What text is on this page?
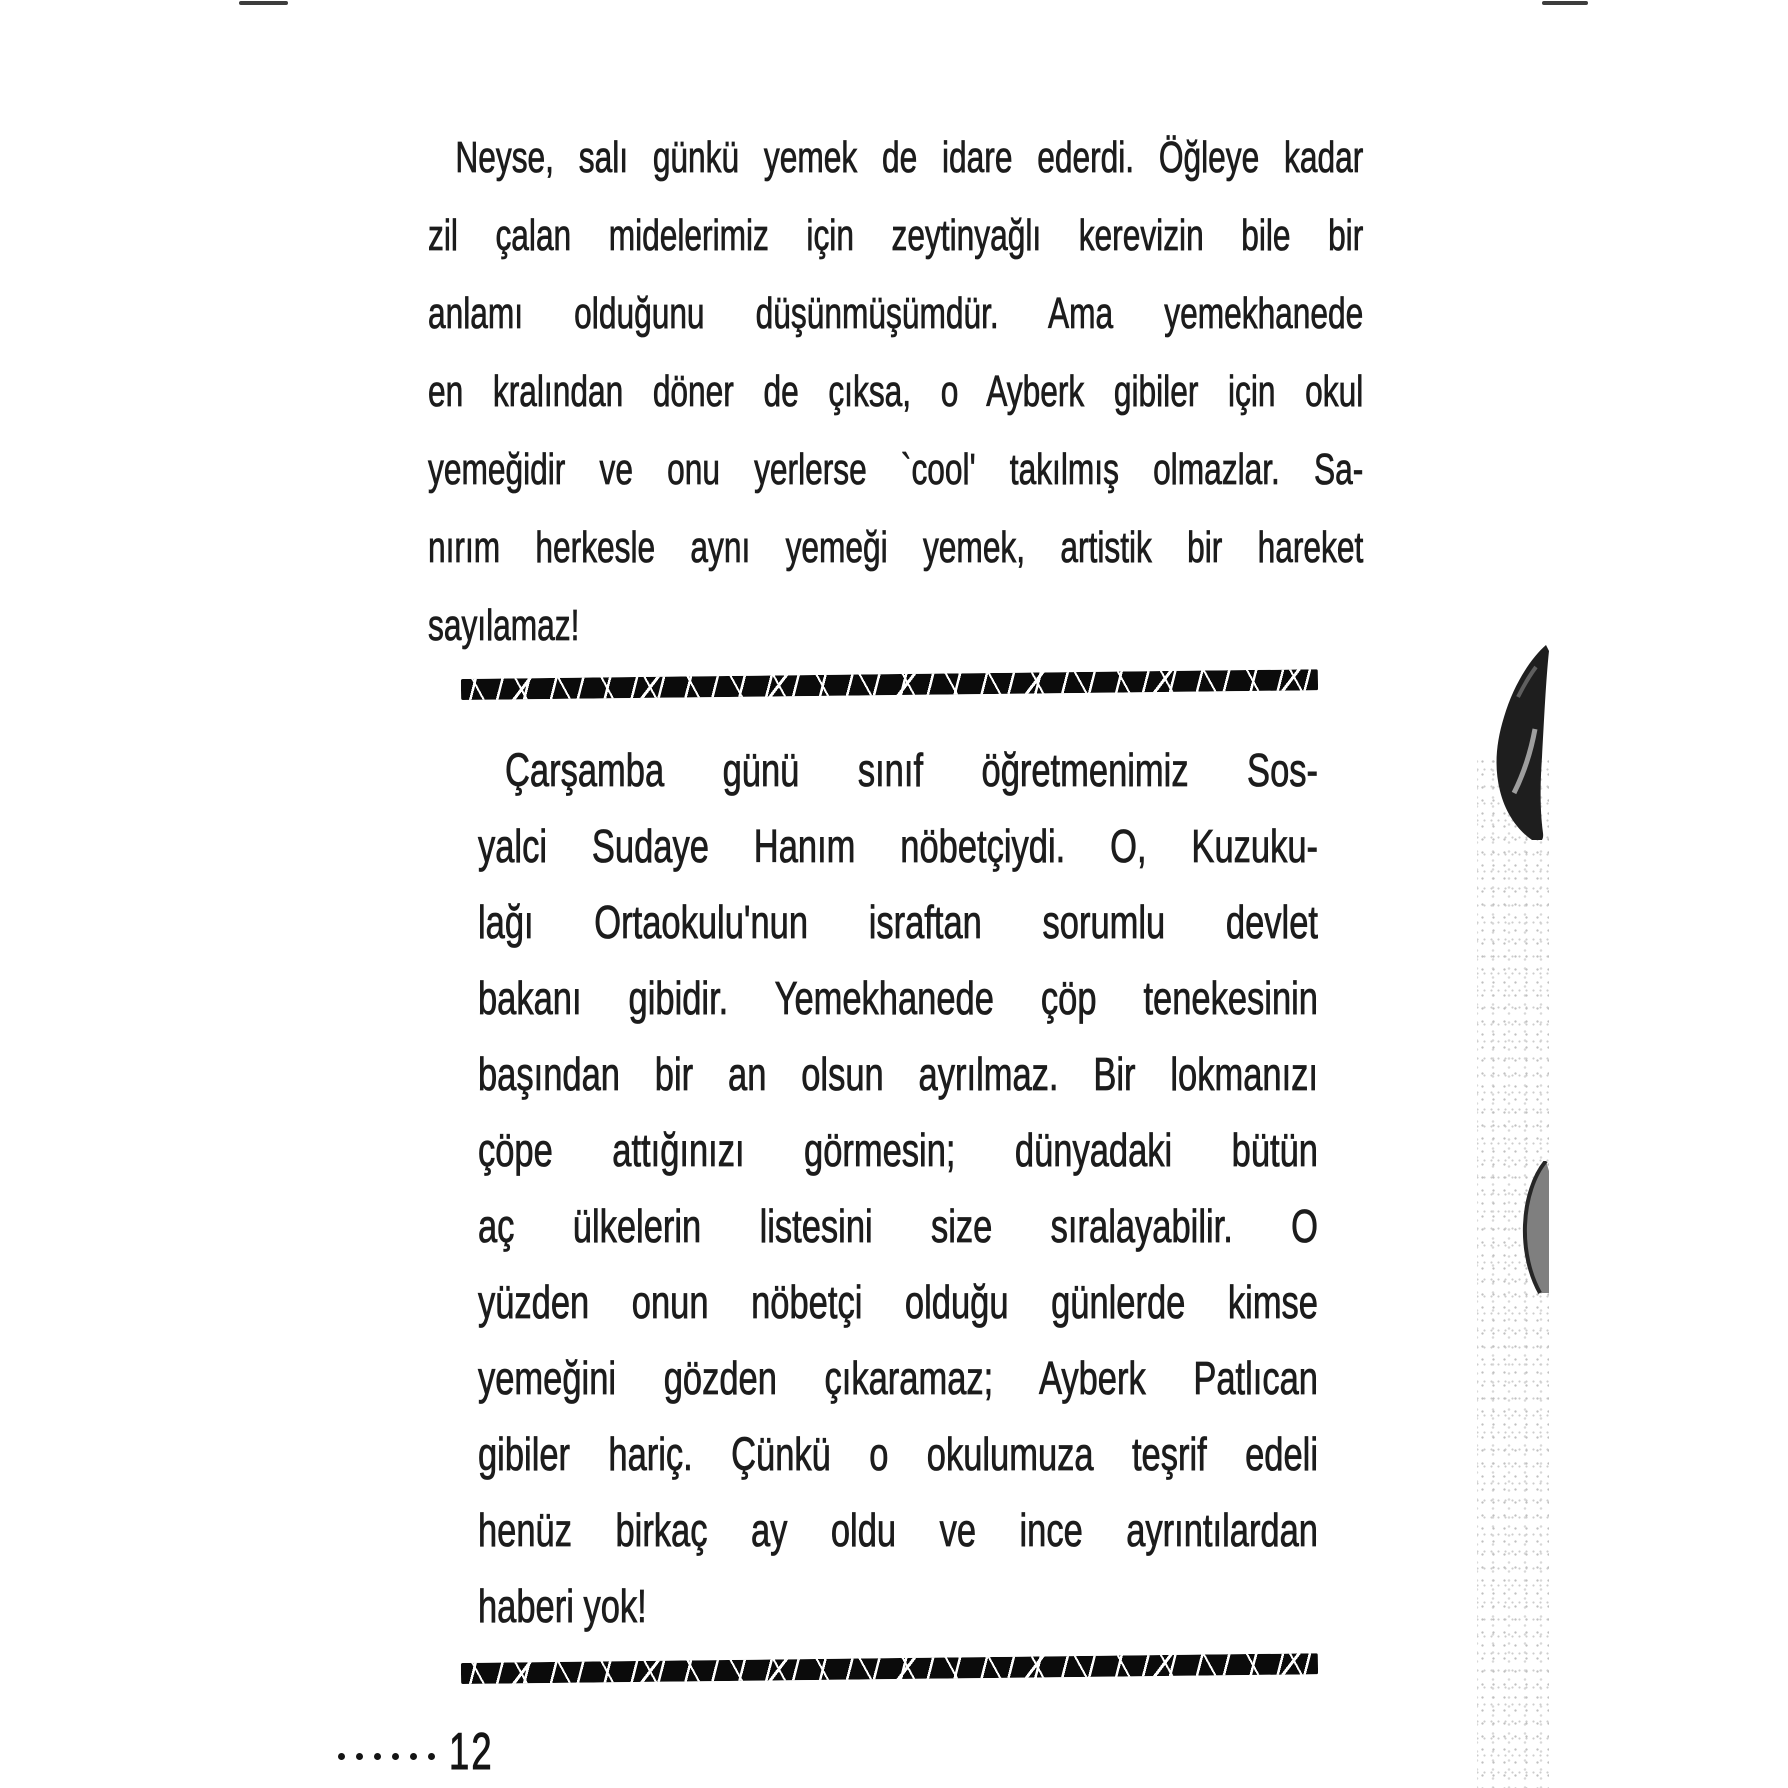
Neyse, salı günkü yemek de idare ederdi. Öğleye kadar
zil çalan midelerimiz için zeytinyağlı kerevizin bile bir
anlamı olduğunu düşünmüşümdür. Ama yemekhanede
en kralından döner de çıksa, o Ayberk gibiler için okul
yemeğidir ve onu yerlerse `cool' takılmış olmazlar. Sa-
nırım herkesle aynı yemeği yemek, artistik bir hareket
sayılamaz!
Çarşamba günü sınıf öğretmenimiz Sos-
yalci Sudaye Hanım nöbetçiydi. O, Kuzuku-
lağı Ortaokulu'nun israftan sorumlu devlet
bakanı gibidir. Yemekhanede çöp tenekesinin
başından bir an olsun ayrılmaz. Bir lokmanızı
çöpe attığınızı görmesin; dünyadaki bütün
aç ülkelerin listesini size sıralayabilir. O
yüzden onun nöbetçi olduğu günlerde kimse
yemeğini gözden çıkaramaz; Ayberk Patlıcan
gibiler hariç. Çünkü o okulumuza teşrif edeli
henüz birkaç ay oldu ve ince ayrıntılardan
haberi yok!
12
